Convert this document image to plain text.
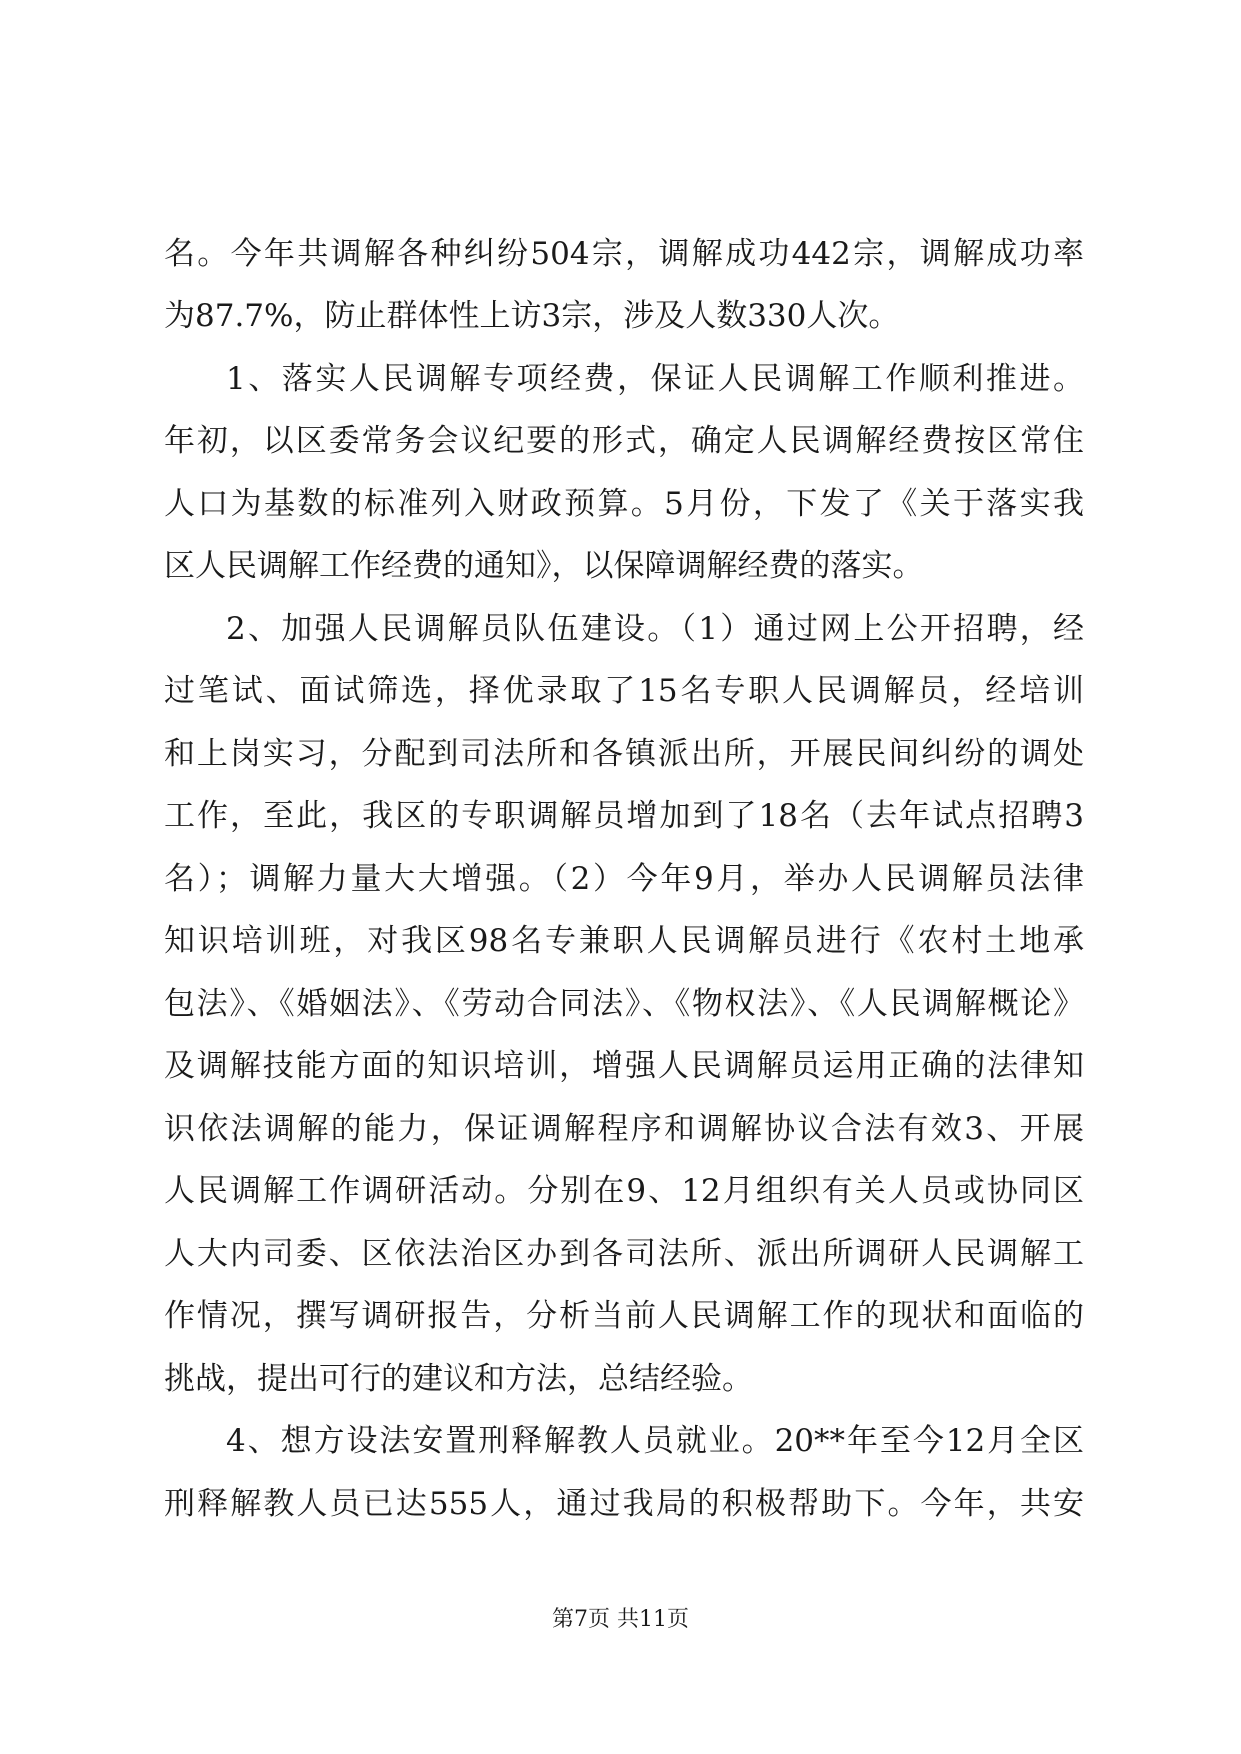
名。今年共调解各种纠纷504宗，调解成功442宗，调解成功率
为87.7%，防止群体性上访3宗，涉及人数330人次。
1、落实人民调解专项经费，保证人民调解工作顺利推进。
年初，以区委常务会议纪要的形式，确定人民调解经费按区常住
人口为基数的标准列入财政预算。5月份，下发了《关于落实我
区人民调解工作经费的通知》，以保障调解经费的落实。
2、加强人民调解员队伍建设。（1）通过网上公开招聘，经
过笔试、面试筛选，择优录取了15名专职人民调解员，经培训
和上岗实习，分配到司法所和各镇派出所，开展民间纠纷的调处
工作，至此，我区的专职调解员增加到了18名（去年试点招聘3
名）；调解力量大大增强。（2）今年9月，举办人民调解员法律
知识培训班，对我区98名专兼职人民调解员进行《农村土地承
包法》、《婚姻法》、《劳动合同法》、《物权法》、《人民调解概论》
及调解技能方面的知识培训，增强人民调解员运用正确的法律知
识依法调解的能力，保证调解程序和调解协议合法有效3、开展
人民调解工作调研活动。分别在9、12月组织有关人员或协同区
人大内司委、区依法治区办到各司法所、派出所调研人民调解工
作情况，撰写调研报告，分析当前人民调解工作的现状和面临的
挑战，提出可行的建议和方法，总结经验。
4、想方设法安置刑释解教人员就业。20**年至今12月全区
刑释解教人员已达555人，通过我局的积极帮助下。今年，共安
第7页 共11页
